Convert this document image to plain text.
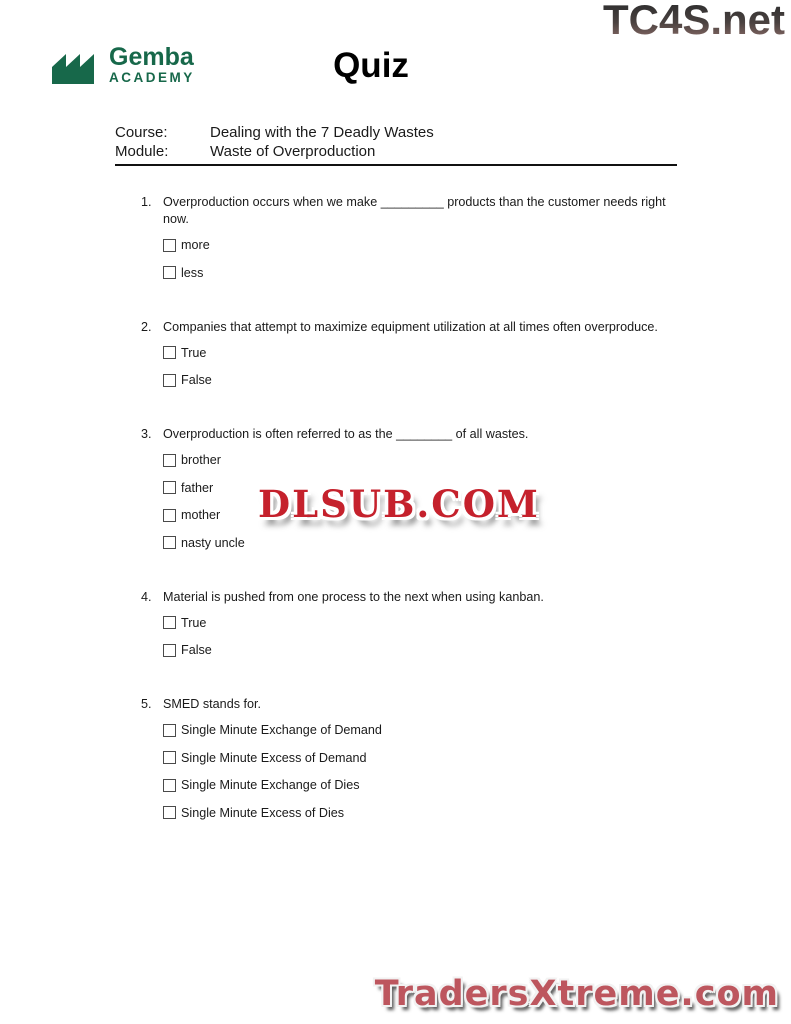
TC4S.net
Gemba
ACADEMY	Quiz
Course:	Dealing with the 7 Deadly Wastes
Module:	Waste of Overproduction
1. Overproduction occurs when we make _________ products than the customer needs right now.
more
less
2. Companies that attempt to maximize equipment utilization at all times often overproduce.
True
False
3. Overproduction is often referred to as the ________ of all wastes.
brother
father
mother
nasty uncle
4. Material is pushed from one process to the next when using kanban.
True
False
5. SMED stands for.
Single Minute Exchange of Demand
Single Minute Excess of Demand
Single Minute Exchange of Dies
Single Minute Excess of Dies
DLSUB.COM
TradersXtreme.com
